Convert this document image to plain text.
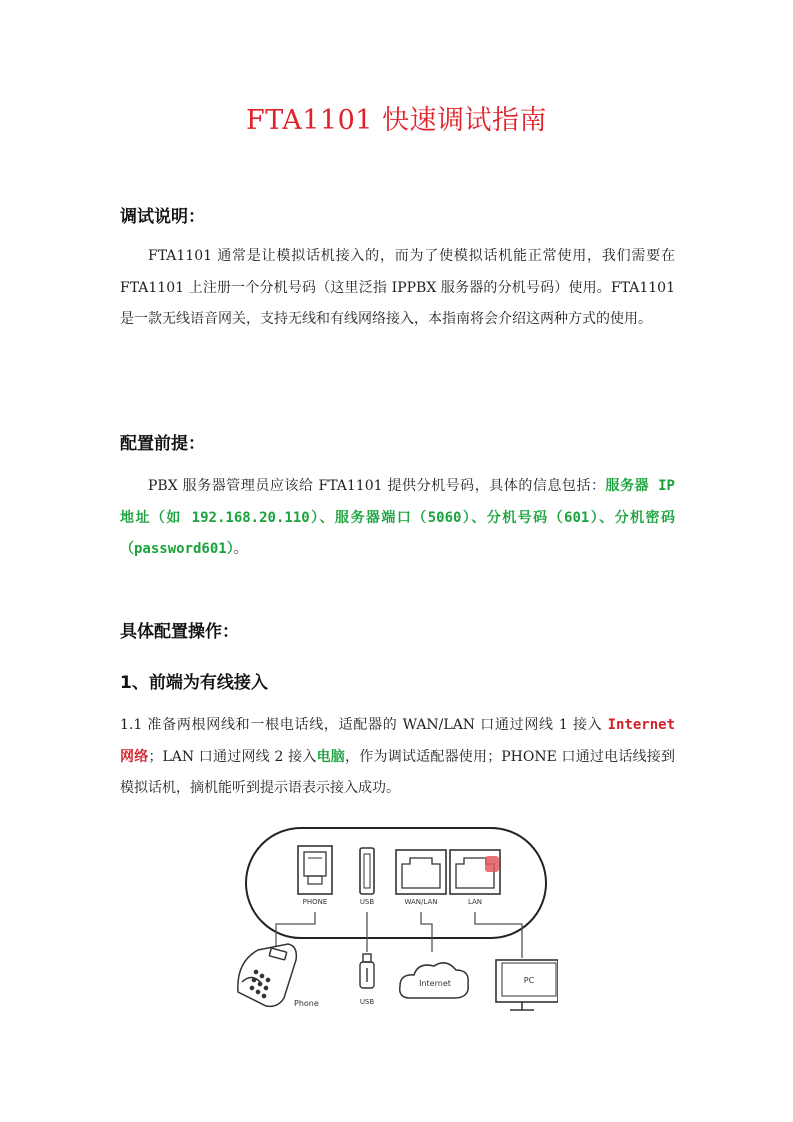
FTA1101 快速调试指南
调试说明：

FTA1101 通常是让模拟话机接入的，而为了使模拟话机能正常使用，我们需要在 FTA1101 上注册一个分机号码（这里泛指 IPPBX 服务器的分机号码）使用。FTA1101 是一款无线语音网关，支持无线和有线网络接入，本指南将会介绍这两种方式的使用。

配置前提：

PBX 服务器管理员应该给 FTA1101 提供分机号码，具体的信息包括：服务器 IP 地址（如 192.168.20.110）、服务器端口（5060）、分机号码（601）、分机密码（password601）。

具体配置操作：
1、前端为有线接入

1.1 准备两根网线和一根电话线，适配器的 WAN/LAN 口通过网线 1 接入 Internet 网络；LAN 口通过网线 2 接入电脑，作为调试适配器使用；PHONE 口通过电话线接到模拟话机，摘机能听到提示语表示接入成功。

PHONE	USB	WAN/LAN	LAN
Phone	USB
Internet	PC
